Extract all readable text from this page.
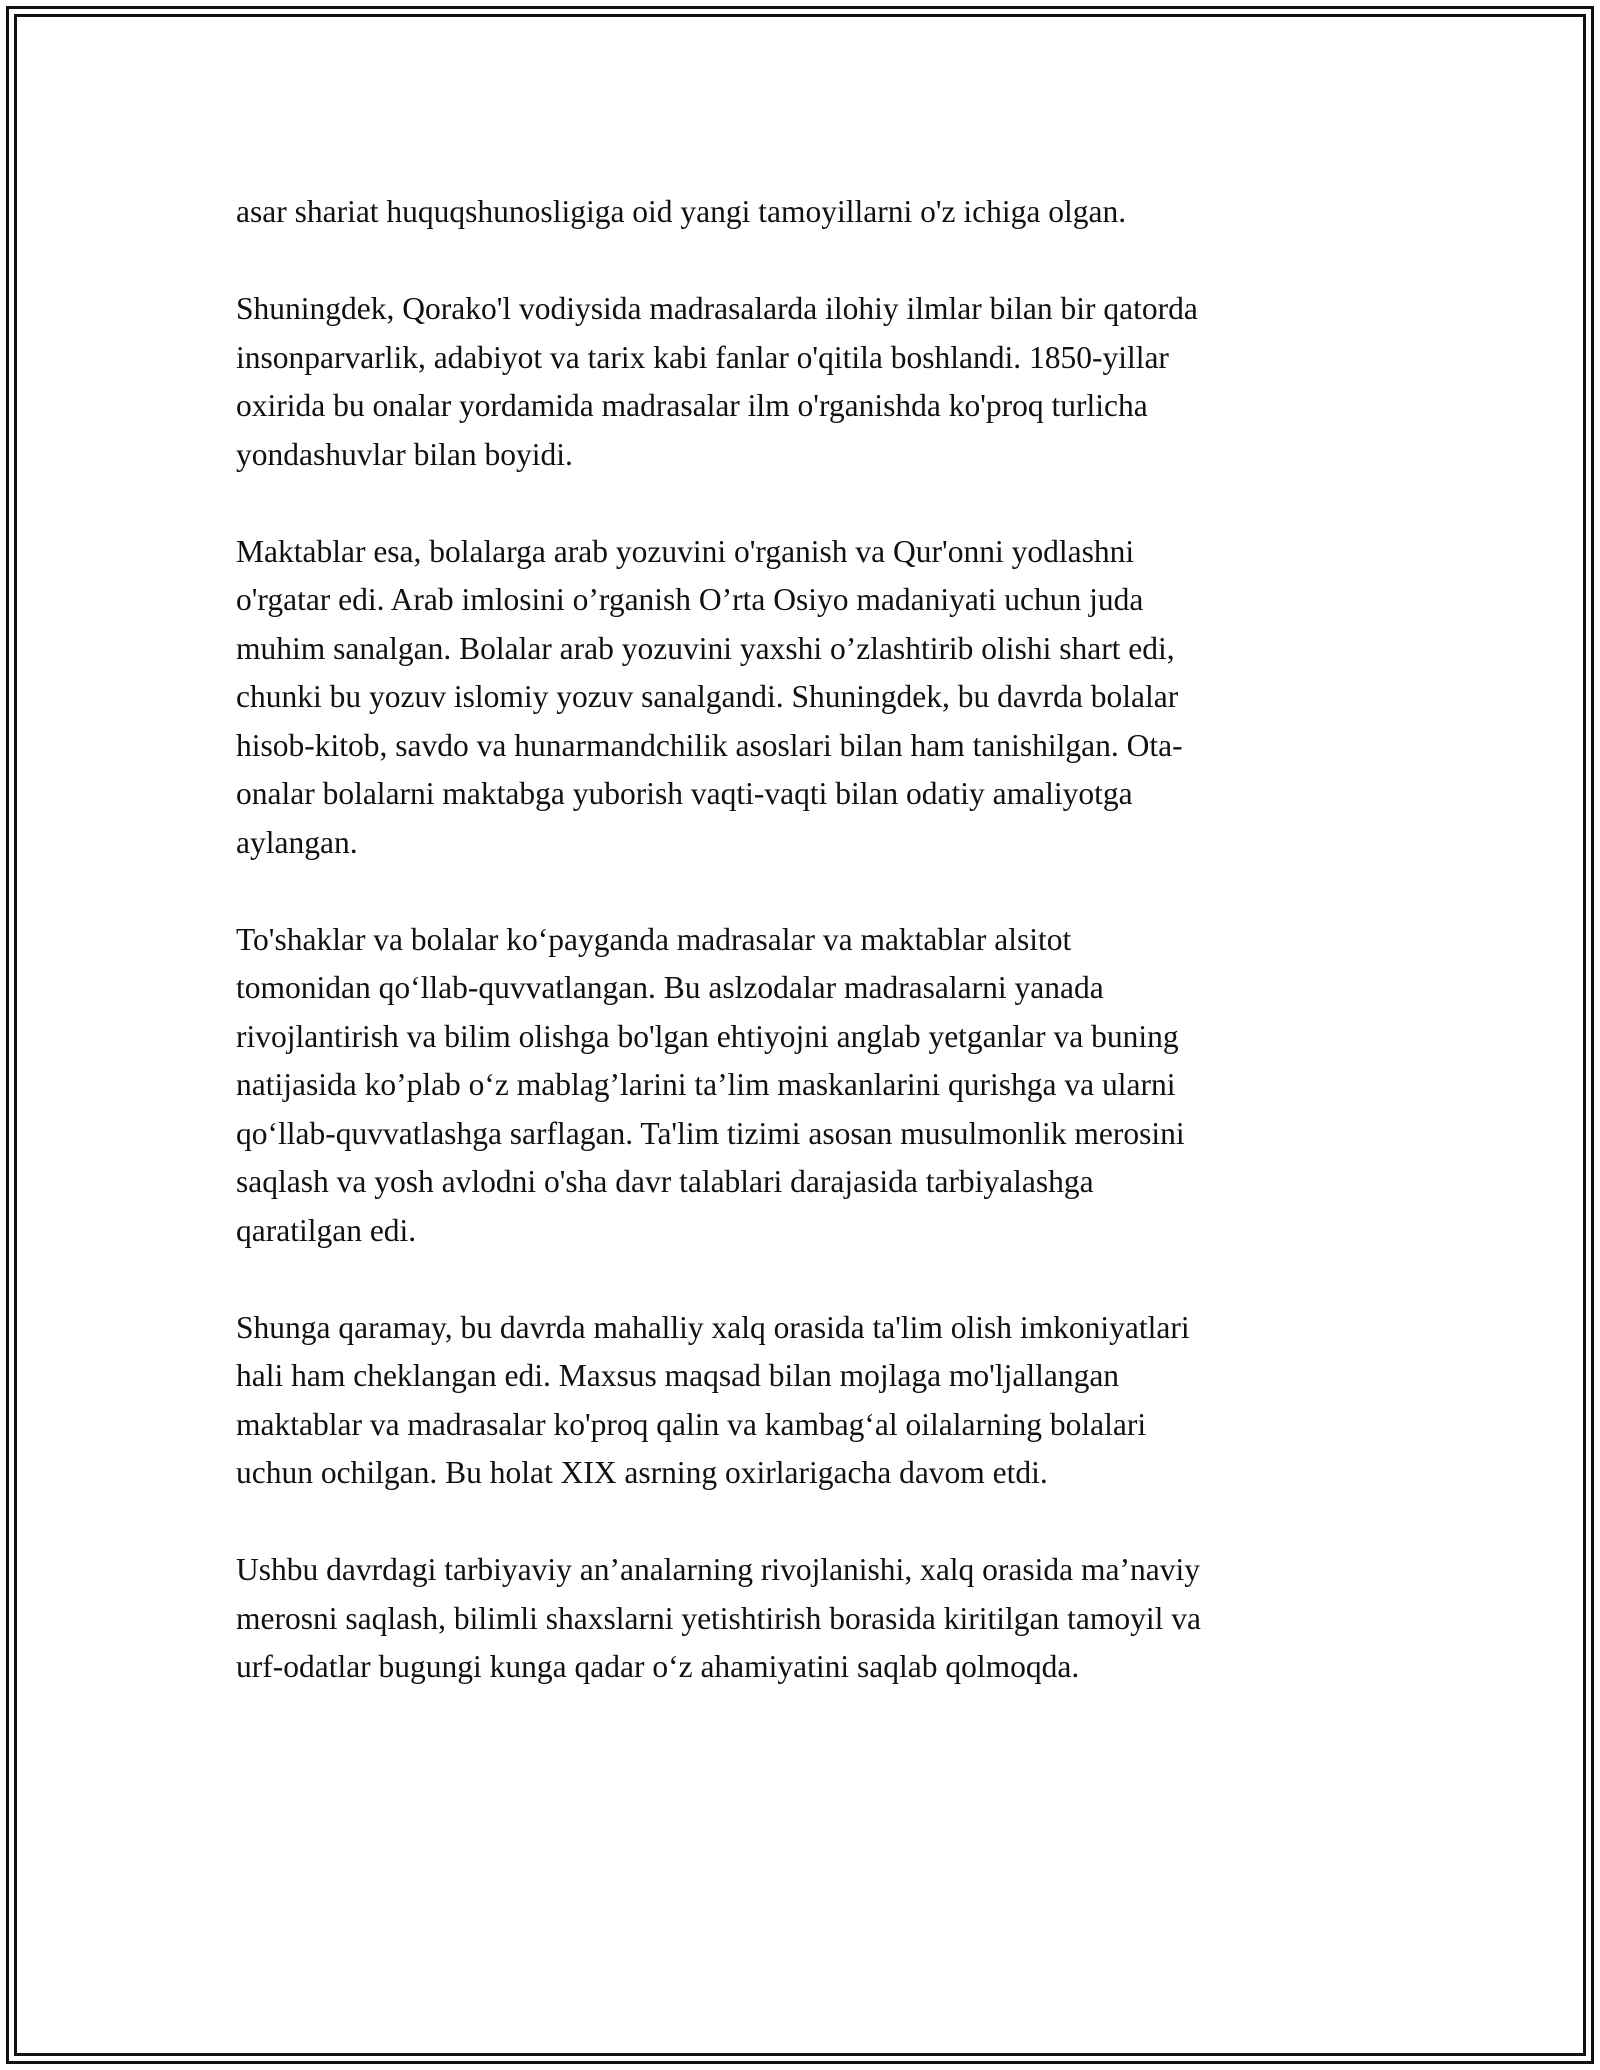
asar shariat huquqshunosligiga oid yangi tamoyillarni o'z ichiga olgan.

Shuningdek, Qorako'l vodiysida madrasalarda ilohiy ilmlar bilan bir qatorda
insonparvarlik, adabiyot va tarix kabi fanlar o'qitila boshlandi. 1850-yillar
oxirida bu onalar yordamida madrasalar ilm o'rganishda ko'proq turlicha
yondashuvlar bilan boyidi.

Maktablar esa, bolalarga arab yozuvini o'rganish va Qur'onni yodlashni
o'rgatar edi. Arab imlosini o’rganish O’rta Osiyo madaniyati uchun juda
muhim sanalgan. Bolalar arab yozuvini yaxshi o’zlashtirib olishi shart edi,
chunki bu yozuv islomiy yozuv sanalgandi. Shuningdek, bu davrda bolalar
hisob-kitob, savdo va hunarmandchilik asoslari bilan ham tanishilgan. Ota-
onalar bolalarni maktabga yuborish vaqti-vaqti bilan odatiy amaliyotga
aylangan.

To'shaklar va bolalar ko‘payganda madrasalar va maktablar alsitot
tomonidan qo‘llab-quvvatlangan. Bu aslzodalar madrasalarni yanada
rivojlantirish va bilim olishga bo'lgan ehtiyojni anglab yetganlar va buning
natijasida ko’plab o‘z mablag’larini ta’lim maskanlarini qurishga va ularni
qo‘llab-quvvatlashga sarflagan. Ta'lim tizimi asosan musulmonlik merosini
saqlash va yosh avlodni o'sha davr talablari darajasida tarbiyalashga
qaratilgan edi.

Shunga qaramay, bu davrda mahalliy xalq orasida ta'lim olish imkoniyatlari
hali ham cheklangan edi. Maxsus maqsad bilan mojlaga mo'ljallangan
maktablar va madrasalar ko'proq qalin va kambag‘al oilalarning bolalari
uchun ochilgan. Bu holat XIX asrning oxirlarigacha davom etdi.

Ushbu davrdagi tarbiyaviy an’analarning rivojlanishi, xalq orasida ma’naviy
merosni saqlash, bilimli shaxslarni yetishtirish borasida kiritilgan tamoyil va
urf-odatlar bugungi kunga qadar o‘z ahamiyatini saqlab qolmoqda.
